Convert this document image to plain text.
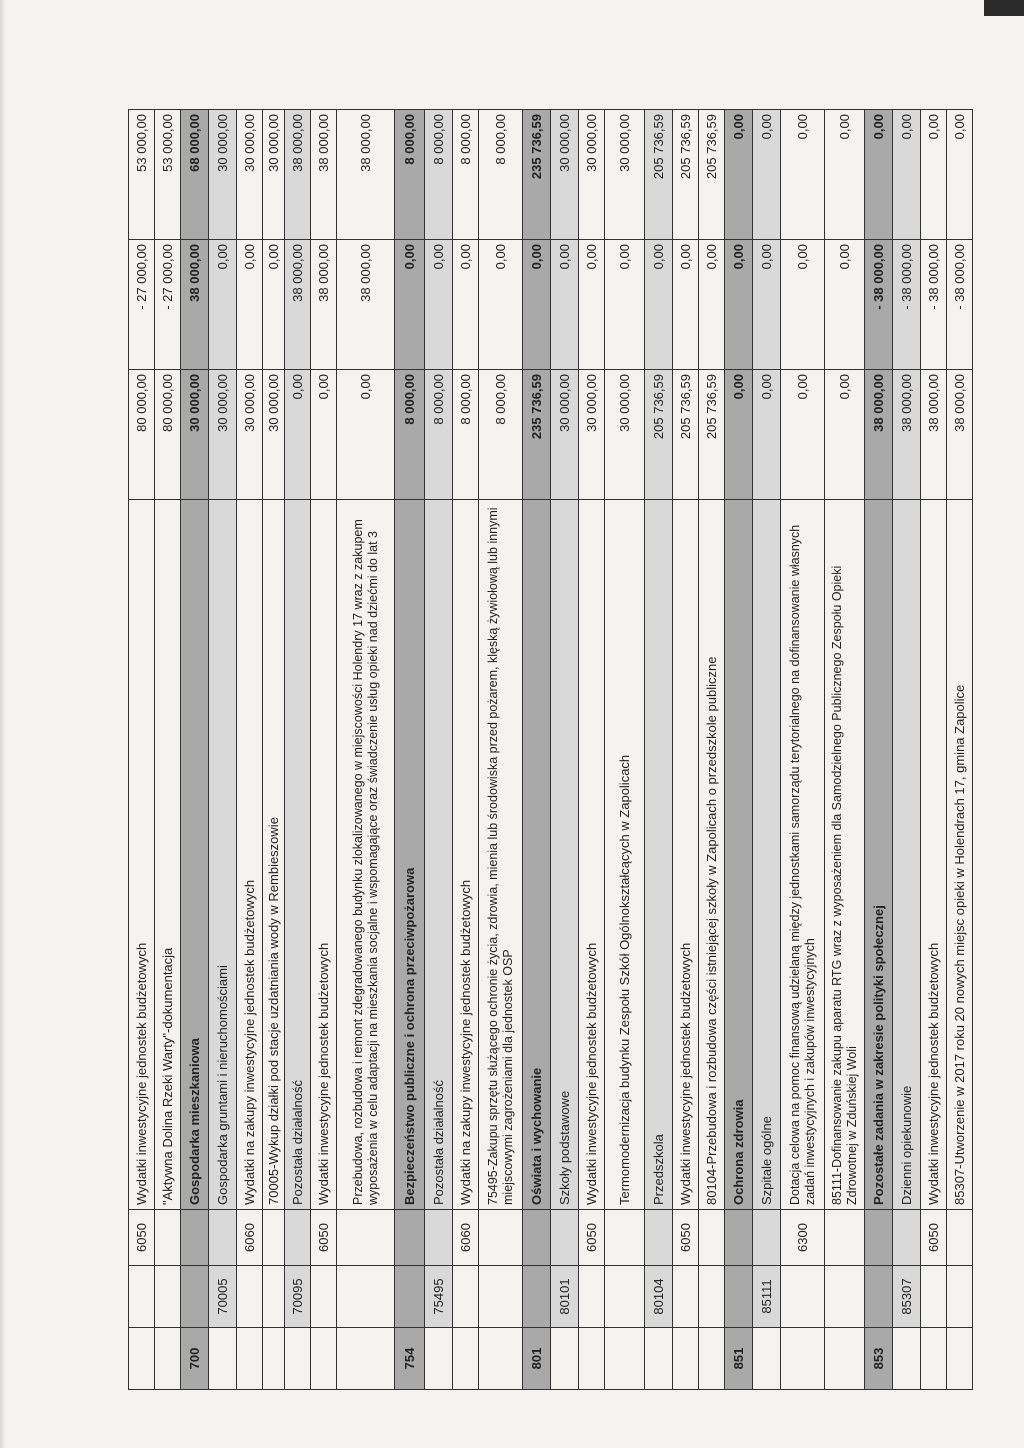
		6050	Wydatki inwestycyjne jednostek budżetowych	80 000,00	- 27 000,00	53 000,00
			"Aktywna Dolina Rzeki Warty"-dokumentacja	80 000,00	- 27 000,00	53 000,00
700			Gospodarka mieszkaniowa	30 000,00	38 000,00	68 000,00
	70005		Gospodarka gruntami i nieruchomościami	30 000,00	0,00	30 000,00
		6060	Wydatki na zakupy inwestycyjne jednostek budżetowych	30 000,00	0,00	30 000,00
			70005-Wykup działki pod stacje uzdatniania wody w Rembieszowie	30 000,00	0,00	30 000,00
	70095		Pozostała działalność	0,00	38 000,00	38 000,00
		6050	Wydatki inwestycyjne jednostek budżetowych	0,00	38 000,00	38 000,00
			Przebudowa, rozbudowa i remont zdegradowanego budynku zlokalizowanego w miejscowości Holendry 17 wraz z zakupem wyposażenia w celu adaptacji na mieszkania socjalne i wspomagające oraz świadczenie usług opieki nad dziećmi do lat 3	0,00	38 000,00	38 000,00
754			Bezpieczeństwo publiczne i ochrona przeciwpożarowa	8 000,00	0,00	8 000,00
	75495		Pozostała działalność	8 000,00	0,00	8 000,00
		6060	Wydatki na zakupy inwestycyjne jednostek budżetowych	8 000,00	0,00	8 000,00
			75495-Zakupu sprzętu służącego ochronie życia, zdrowia, mienia lub środowiska przed pożarem, klęską żywiołową lub innymi miejscowymi zagrożeniami dla jednostek OSP	8 000,00	0,00	8 000,00
801			Oświata i wychowanie	235 736,59	0,00	235 736,59
	80101		Szkoły podstawowe	30 000,00	0,00	30 000,00
		6050	Wydatki inwestycyjne jednostek budżetowych	30 000,00	0,00	30 000,00
			Termomodernizacja budynku Zespołu Szkół Ogólnokształcących w Zapolicach	30 000,00	0,00	30 000,00
	80104		Przedszkola	205 736,59	0,00	205 736,59
		6050	Wydatki inwestycyjne jednostek budżetowych	205 736,59	0,00	205 736,59
			80104-Przebudowa i rozbudowa części istniejącej szkoły w Zapolicach o przedszkole publiczne	205 736,59	0,00	205 736,59
851			Ochrona zdrowia	0,00	0,00	0,00
	85111		Szpitale ogólne	0,00	0,00	0,00
		6300	Dotacja celowa na pomoc finansową udzielaną między jednostkami samorządu terytorialnego na dofinansowanie własnych zadań inwestycyjnych i zakupów inwestycyjnych	0,00	0,00	0,00
			85111-Dofinansowanie zakupu aparatu RTG wraz z wyposażeniem dla Samodzielnego Publicznego Zespołu Opieki Zdrowotnej w Zduńskiej Woli	0,00	0,00	0,00
853			Pozostałe zadania w zakresie polityki społecznej	38 000,00	- 38 000,00	0,00
	85307		Dzienni opiekunowie	38 000,00	- 38 000,00	0,00
		6050	Wydatki inwestycyjne jednostek budżetowych	38 000,00	- 38 000,00	0,00
			85307-Utworzenie w 2017 roku 20 nowych miejsc opieki w Holendrach 17, gmina Zapolice	38 000,00	- 38 000,00	0,00
